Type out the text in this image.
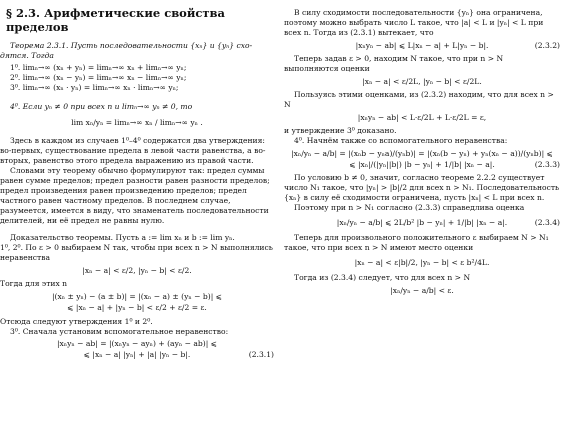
§ 2.3. Арифметические свойства пределов

Теорема 2.3.1. Пусть последовательности {xₙ} и {yₙ} схо-дятся. Тогда

1⁰. limₙ→∞ (xₙ + yₙ) = limₙ→∞ xₙ + limₙ→∞ yₙ;
2⁰. limₙ→∞ (xₙ − yₙ) = limₙ→∞ xₙ − limₙ→∞ yₙ;
3⁰. limₙ→∞ (xₙ · yₙ) = limₙ→∞ xₙ · limₙ→∞ yₙ;

4⁰. Если yₙ ≠ 0 при всех n и limₙ→∞ yₙ ≠ 0, то

lim xₙ/yₙ = limₙ→∞ xₙ / limₙ→∞ yₙ .

Здесь в каждом из случаев 1⁰–4⁰ содержатся два утверждения: во-первых, существование предела в левой части равенства, а во-вторых, равенство этого предела выражению из правой части.

Словами эту теорему обычно формулируют так: предел суммы равен сумме пределов; предел разности равен разности пределов; предел произведения равен произведению пределов; предел частного равен частному пределов. В последнем случае, разумеется, имеется в виду, что знаменатель последовательности делителей, ни её предел не равны нулю.

Доказательство теоремы. Пусть a := lim xₙ и b := lim yₙ.

1⁰, 2⁰. По ε > 0 выбираем N так, чтобы при всех n > N выполнялись неравенства

|xₙ − a| < ε/2, |yₙ − b| < ε/2.

Тогда для этих n

|(xₙ ± yₙ) − (a ± b)| = |(xₙ − a) ± (yₙ − b)| ⩽
⩽ |xₙ − a| + |yₙ − b| < ε/2 + ε/2 = ε.

Отсюда следуют утверждения 1⁰ и 2⁰.

3⁰. Сначала установим вспомогательное неравенство:

|xₙyₙ − ab| = |(xₙyₙ − ayₙ) + (ayₙ − ab)| ⩽
⩽ |xₙ − a| |yₙ| + |a| |yₙ − b|.	(2.3.1)

В силу сходимости последовательности {yₙ} она ограничена, поэтому можно выбрать число L такое, что |a| < L и |yₙ| < L при всех n. Тогда из (2.3.1) вытекает, что

|xₙyₙ − ab| ⩽ L|xₙ − a| + L|yₙ − b|.	(2.3.2)

Теперь задав ε > 0, находим N такое, что при n > N выполняются оценки

|xₙ − a| < ε/2L, |yₙ − b| < ε/2L.

Пользуясь этими оценками, из (2.3.2) находим, что для всех n > N

|xₙyₙ − ab| < L·ε/2L + L·ε/2L = ε,

и утверждение 3⁰ доказано.

4⁰. Начнём также со вспомогательного неравенства:

|xₙ/yₙ − a/b| = |(xₙb − yₙa)/(yₙb)| = |(xₙ(b − yₙ) + yₙ(xₙ − a))/(yₙb)| ⩽
⩽ |xₙ|/(|yₙ||b|) |b − yₙ| + 1/|b| |xₙ − a|.	(2.3.3)

По условию b ≠ 0, значит, согласно теореме 2.2.2 существует число N₁ такое, что |yₙ| > |b|/2 для всех n > N₁. Последовательность {xₙ} в силу её сходимости ограничена, пусть |xₙ| < L при всех n.

Поэтому при n > N₁ согласно (2.3.3) справедлива оценка

|xₙ/yₙ − a/b| ⩽ 2L/b² |b − yₙ| + 1/|b| |xₙ − a|.	(2.3.4)

Теперь для произвольного положительного ε выбираем N > N₁ такое, что при всех n > N имеют место оценки

|xₙ − a| < ε|b|/2, |yₙ − b| < ε b²/4L.

Тогда из (2.3.4) следует, что для всех n > N

|xₙ/yₙ − a/b| < ε.
